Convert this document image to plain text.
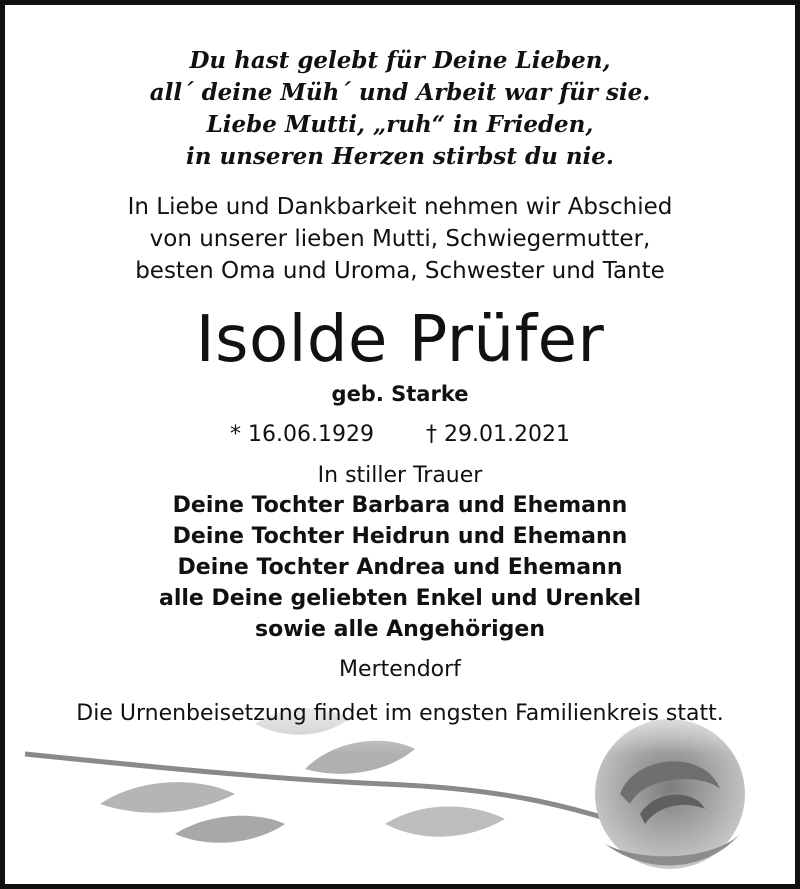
Du hast gelebt für Deine Lieben,
all´ deine Müh´ und Arbeit war für sie.
Liebe Mutti, „ruh“ in Frieden,
in unseren Herzen stirbst du nie.
In Liebe und Dankbarkeit nehmen wir Abschied
von unserer lieben Mutti, Schwiegermutter,
besten Oma und Uroma, Schwester und Tante
Isolde Prüfer
geb. Starke
* 16.06.1929 † 29.01.2021
In stiller Trauer
Deine Tochter Barbara und Ehemann
Deine Tochter Heidrun und Ehemann
Deine Tochter Andrea und Ehemann
alle Deine geliebten Enkel und Urenkel
sowie alle Angehörigen
Mertendorf
Die Urnenbeisetzung findet im engsten Familienkreis statt.
